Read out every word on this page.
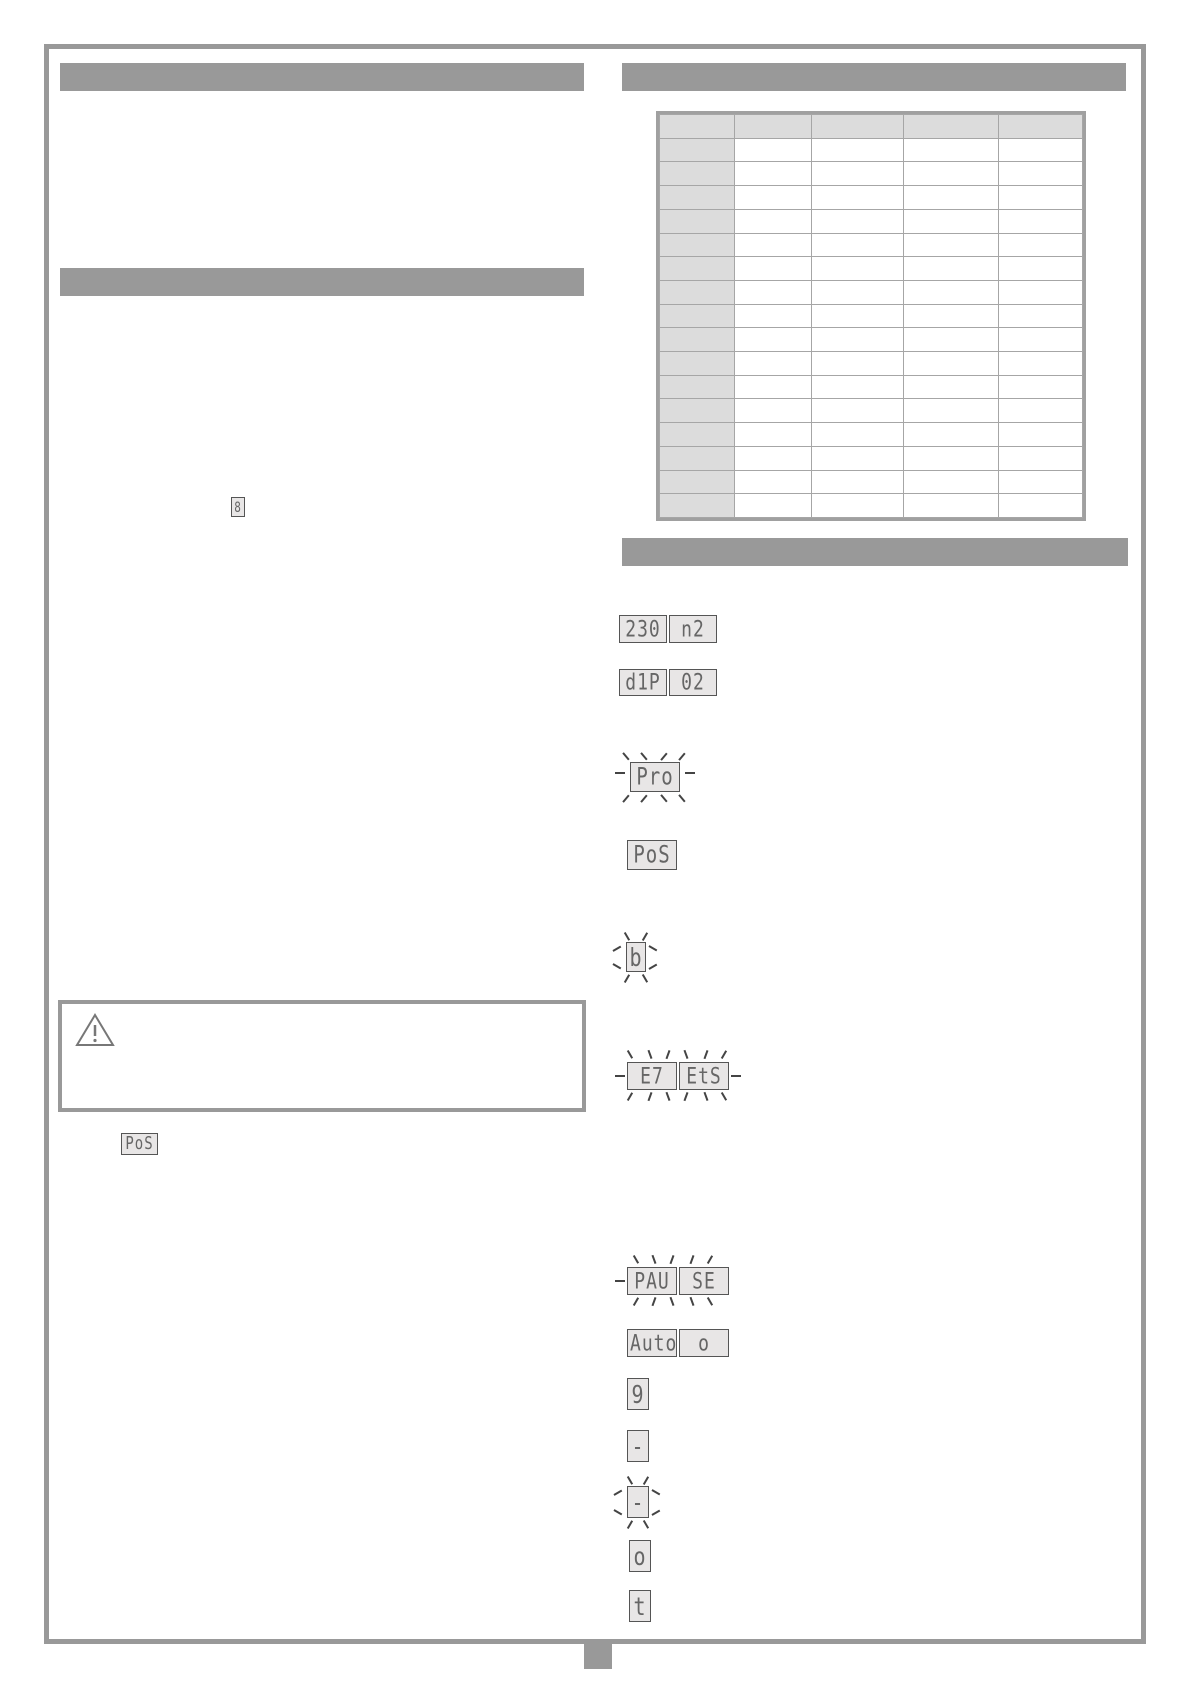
8
PoS
230 n2
d1P 02
Pro
PoS
b
E7 EtS
PAU SE
Auto o
9
-
-
o
t
